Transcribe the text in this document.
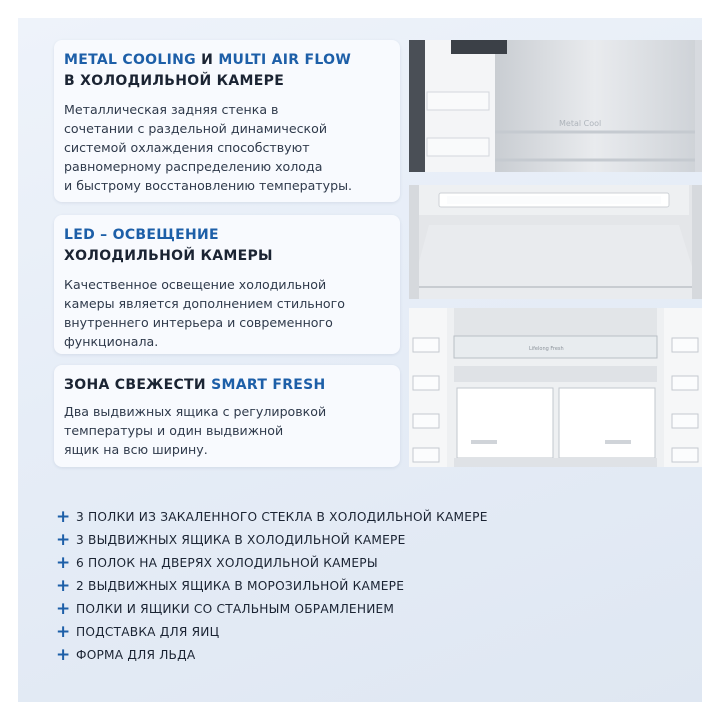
METAL COOLING И MULTI AIR FLOW
В ХОЛОДИЛЬНОЙ КАМЕРЕ

Металлическая задняя стенка в
сочетании с раздельной динамической
системой охлаждения способствуют
равномерному распределению холода
и быстрому восстановлению температуры.

LED – ОСВЕЩЕНИЕ
ХОЛОДИЛЬНОЙ КАМЕРЫ

Качественное освещение холодильной
камеры является дополнением стильного
внутреннего интерьера и современного
функционала.

ЗОНА СВЕЖЕСТИ SMART FRESH

Два выдвижных ящика с регулировкой
температуры и один выдвижной
ящик на всю ширину.

Metal Cool
Lifelong Fresh
+ 3 ПОЛКИ ИЗ ЗАКАЛЕННОГО СТЕКЛА В ХОЛОДИЛЬНОЙ КАМЕРЕ
+ 3 ВЫДВИЖНЫХ ЯЩИКА В ХОЛОДИЛЬНОЙ КАМЕРЕ
+ 6 ПОЛОК НА ДВЕРЯХ ХОЛОДИЛЬНОЙ КАМЕРЫ
+ 2 ВЫДВИЖНЫХ ЯЩИКА В МОРОЗИЛЬНОЙ КАМЕРЕ
+ ПОЛКИ И ЯЩИКИ СО СТАЛЬНЫМ ОБРАМЛЕНИЕМ
+ ПОДСТАВКА ДЛЯ ЯИЦ
+ ФОРМА ДЛЯ ЛЬДА
